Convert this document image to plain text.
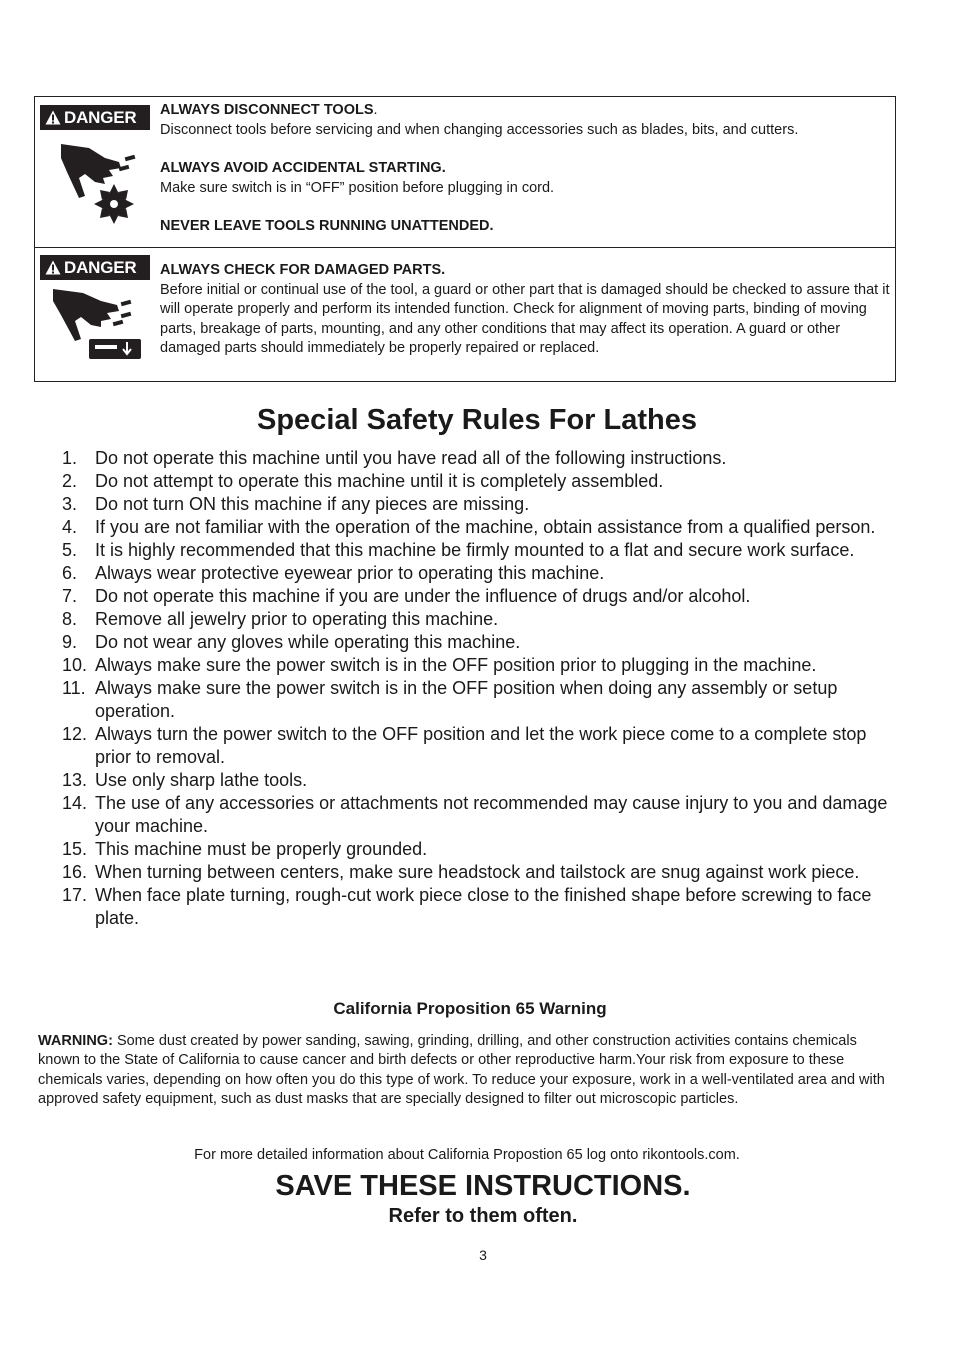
DANGER ALWAYS DISCONNECT TOOLS.

Disconnect tools before servicing and when changing accessories such as blades, bits, and cutters.

ALWAYS AVOID ACCIDENTAL STARTING.

Make sure switch is in “OFF” position before plugging in cord.

NEVER LEAVE TOOLS RUNNING UNATTENDED.

DANGER ALWAYS CHECK FOR DAMAGED PARTS.

Before initial or continual use of the tool, a guard or other part that is damaged should be checked to assure that it will operate properly and perform its intended function. Check for alignment of moving parts, binding of moving parts, breakage of parts, mounting, and any other conditions that may affect its operation. A guard or other damaged parts should immediately be properly repaired or replaced.

Special Safety Rules For Lathes
1. Do not operate this machine until you have read all of the following instructions.
2. Do not attempt to operate this machine until it is completely assembled.
3. Do not turn ON this machine if any pieces are missing.
4. If you are not familiar with the operation of the machine, obtain assistance from a qualified person.
5. It is highly recommended that this machine be firmly mounted to a flat and secure work surface.
6. Always wear protective eyewear prior to operating this machine.
7. Do not operate this machine if you are under the influence of drugs and/or alcohol.
8. Remove all jewelry prior to operating this machine.
9. Do not wear any gloves while operating this machine.
10. Always make sure the power switch is in the OFF position prior to plugging in the machine.
11. Always make sure the power switch is in the OFF position when doing any assembly or setup operation.
12. Always turn the power switch to the OFF position and let the work piece come to a complete stop prior to removal.
13. Use only sharp lathe tools.
14. The use of any accessories or attachments not recommended may cause injury to you and damage your machine.
15. This machine must be properly grounded.
16. When turning between centers, make sure headstock and tailstock are snug against work piece.
17. When face plate turning, rough-cut work piece close to the finished shape before screwing to face plate.
California Proposition 65 Warning
WARNING: Some dust created by power sanding, sawing, grinding, drilling, and other construction activities contains chemicals known to the State of California to cause cancer and birth defects or other reproductive harm.Your risk from exposure to these chemicals varies, depending on how often you do this type of work. To reduce your exposure, work in a well-ventilated area and with approved safety equipment, such as dust masks that are specially designed to filter out microscopic particles.
For more detailed information about California Propostion 65 log onto rikontools.com.
SAVE THESE INSTRUCTIONS.
Refer to them often.
3
